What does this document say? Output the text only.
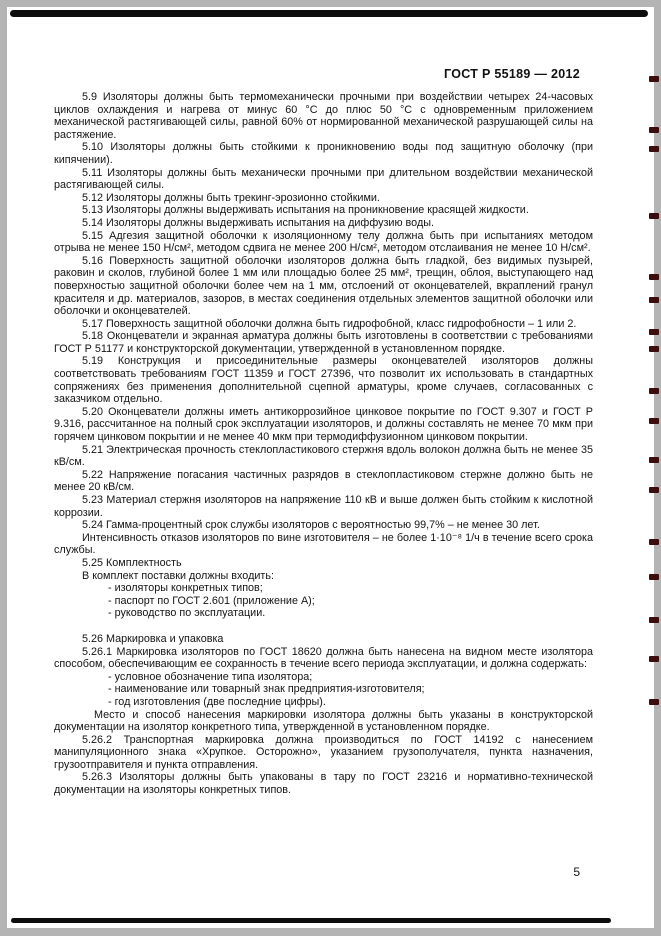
ГОСТ Р 55189 — 2012

5.9 Изоляторы должны быть термомеханически прочными при воздействии четырех 24-часовых циклов охлаждения и нагрева от минус 60 °С до плюс 50 °С с одновременным приложением механической растягивающей силы, равной 60% от нормированной механической разрушающей силы на растяжение.

5.10 Изоляторы должны быть стойкими к проникновению воды под защитную оболочку (при кипячении).

5.11 Изоляторы должны быть механически прочными при длительном воздействии механической растягивающей силы.

5.12 Изоляторы должны быть трекинг-эрозионно стойкими.

5.13 Изоляторы должны выдерживать испытания на проникновение красящей жидкости.

5.14 Изоляторы должны выдерживать испытания на диффузию воды.

5.15 Адгезия защитной оболочки к изоляционному телу должна быть при испытаниях методом отрыва не менее 150 Н/см², методом сдвига не менее 200 Н/см², методом отслаивания не менее 10 Н/см².

5.16 Поверхность защитной оболочки изоляторов должна быть гладкой, без видимых пузырей, раковин и сколов, глубиной более 1 мм или площадью более 25 мм², трещин, облоя, выступающего над поверхностью защитной оболочки более чем на 1 мм, отслоений от оконцевателей, вкраплений гранул красителя и др. материалов, зазоров, в местах соединения отдельных элементов защитной оболочки или оболочки и оконцевателей.

5.17 Поверхность защитной оболочки должна быть гидрофобной, класс гидрофобности – 1 или 2.

5.18 Оконцеватели и экранная арматура должны быть изготовлены в соответствии с требованиями ГОСТ Р 51177 и конструкторской документации, утвержденной в установленном порядке.

5.19 Конструкция и присоединительные размеры оконцевателей изоляторов должны соответствовать требованиям ГОСТ 11359 и ГОСТ 27396, что позволит их использовать в стандартных сопряжениях без применения дополнительной сцепной арматуры, кроме случаев, согласованных с заказчиком отдельно.

5.20 Оконцеватели должны иметь антикоррозийное цинковое покрытие по ГОСТ 9.307 и ГОСТ Р 9.316, рассчитанное на полный срок эксплуатации изоляторов, и должны составлять не менее 70 мкм при горячем цинковом покрытии и не менее 40 мкм при термодиффузионном цинковом покрытии.

5.21 Электрическая прочность стеклопластикового стержня вдоль волокон должна быть не менее 35 кВ/см.

5.22 Напряжение погасания частичных разрядов в стеклопластиковом стержне должно быть не менее 20 кВ/см.

5.23 Материал стержня изоляторов на напряжение 110 кВ и выше должен быть стойким к кислотной коррозии.

5.24 Гамма-процентный срок службы изоляторов с вероятностью 99,7% – не менее 30 лет.

Интенсивность отказов изоляторов по вине изготовителя – не более 1·10⁻⁸ 1/ч в течение всего срока службы.

5.25 Комплектность

В комплект поставки должны входить:

- изоляторы конкретных типов;

- паспорт по ГОСТ 2.601 (приложение А);

- руководство по эксплуатации.

5.26 Маркировка и упаковка

5.26.1 Маркировка изоляторов по ГОСТ 18620 должна быть нанесена на видном месте изолятора способом, обеспечивающим ее сохранность в течение всего периода эксплуатации, и должна содержать:

- условное обозначение типа изолятора;

- наименование или товарный знак предприятия-изготовителя;

- год изготовления (две последние цифры).

Место и способ нанесения маркировки изолятора должны быть указаны в конструкторской документации на изолятор конкретного типа, утвержденной в установленном порядке.

5.26.2 Транспортная маркировка должна производиться по ГОСТ 14192 с нанесением манипуляционного знака «Хрупкое. Осторожно», указанием грузополучателя, пункта назначения, грузоотправителя и пункта отправления.

5.26.3 Изоляторы должны быть упакованы в тару по ГОСТ 23216 и нормативно-технической документации на изоляторы конкретных типов.

5
